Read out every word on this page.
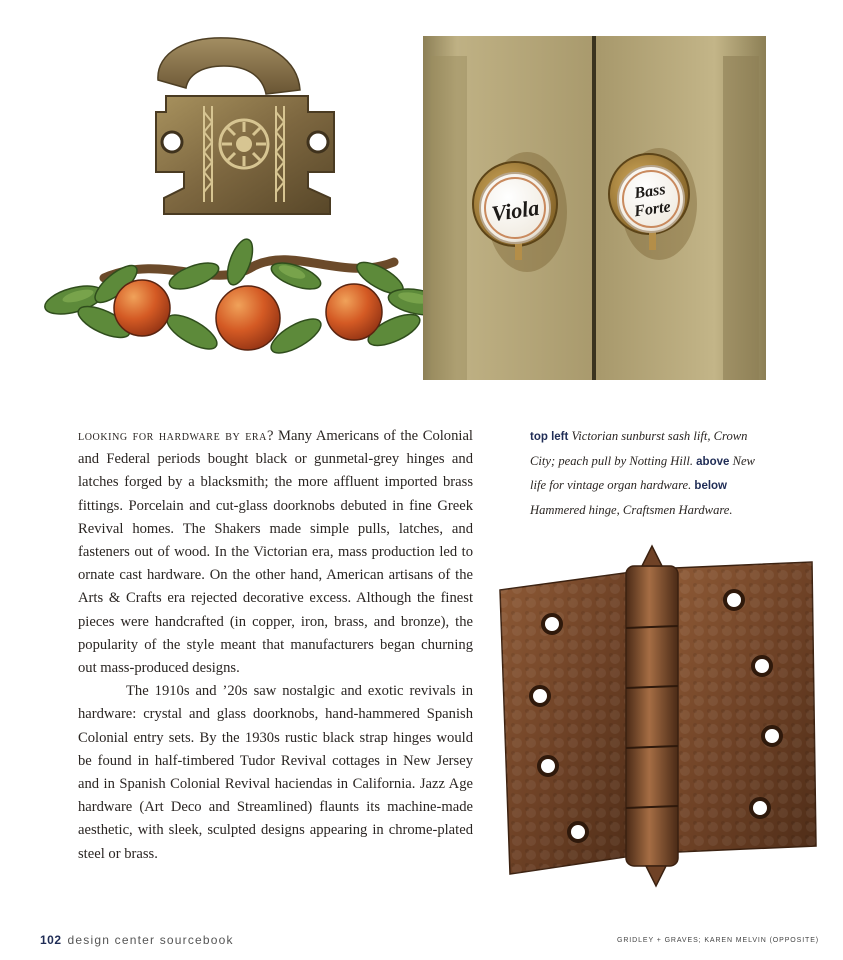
Viola
Bass
Forte

looking for hardware by era? Many Americans of the Colonial and Federal periods bought black or gunmetal-grey hinges and latches forged by a blacksmith; the more affluent imported brass fittings. Porcelain and cut-glass doorknobs debuted in fine Greek Revival homes. The Shakers made simple pulls, latches, and fasteners out of wood. In the Victorian era, mass production led to ornate cast hardware. On the other hand, American artisans of the Arts & Crafts era rejected decorative excess. Although the finest pieces were handcrafted (in copper, iron, brass, and bronze), the popularity of the style meant that manufacturers began churning out mass-produced designs.

The 1910s and ’20s saw nostalgic and exotic revivals in hardware: crystal and glass doorknobs, hand-hammered Spanish Colonial entry sets. By the 1930s rustic black strap hinges would be found in half-timbered Tudor Revival cottages in New Jersey and in Spanish Colonial Revival haciendas in California. Jazz Age hardware (Art Deco and Streamlined) flaunts its machine-made aesthetic, with sleek, sculpted designs appearing in chrome-plated steel or brass.

top left Victorian sunburst sash lift, Crown City; peach pull by Notting Hill. above New life for vintage organ hardware. below Hammered hinge, Craftsmen Hardware.
102 design center sourcebook	GRIDLEY + GRAVES; KAREN MELVIN (OPPOSITE)
